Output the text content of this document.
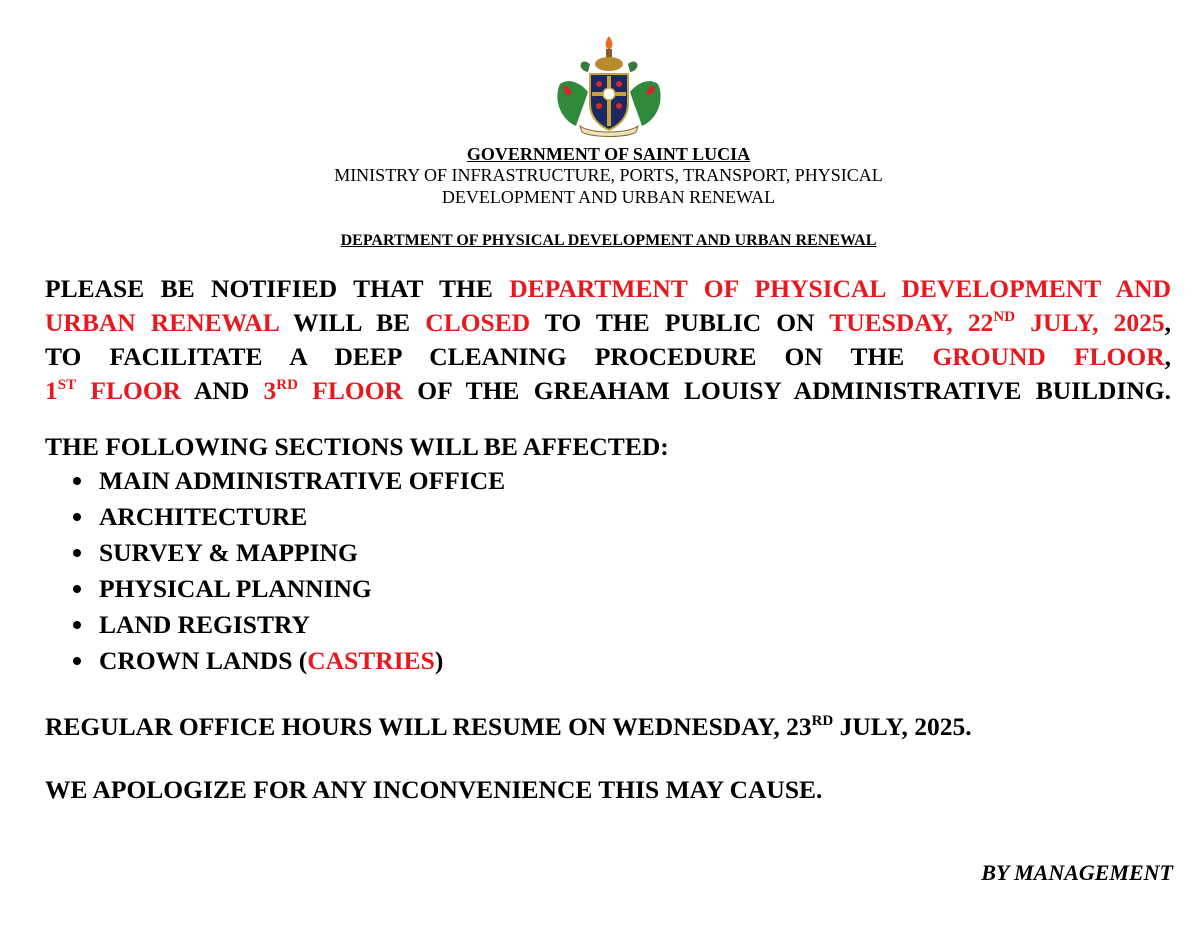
GOVERNMENT OF SAINT LUCIA
MINISTRY OF INFRASTRUCTURE, PORTS, TRANSPORT, PHYSICAL
DEVELOPMENT AND URBAN RENEWAL
DEPARTMENT OF PHYSICAL DEVELOPMENT AND URBAN RENEWAL
PLEASE BE NOTIFIED THAT THE DEPARTMENT OF PHYSICAL DEVELOPMENT AND
URBAN RENEWAL WILL BE CLOSED TO THE PUBLIC ON TUESDAY, 22ND JULY, 2025,
TO FACILITATE A DEEP CLEANING PROCEDURE ON THE GROUND FLOOR,
1ST FLOOR AND 3RD FLOOR OF THE GREAHAM LOUISY ADMINISTRATIVE BUILDING.
THE FOLLOWING SECTIONS WILL BE AFFECTED:
MAIN ADMINISTRATIVE OFFICE
ARCHITECTURE
SURVEY & MAPPING
PHYSICAL PLANNING
LAND REGISTRY
CROWN LANDS (CASTRIES)
REGULAR OFFICE HOURS WILL RESUME ON WEDNESDAY, 23RD JULY, 2025.
WE APOLOGIZE FOR ANY INCONVENIENCE THIS MAY CAUSE.
BY MANAGEMENT
